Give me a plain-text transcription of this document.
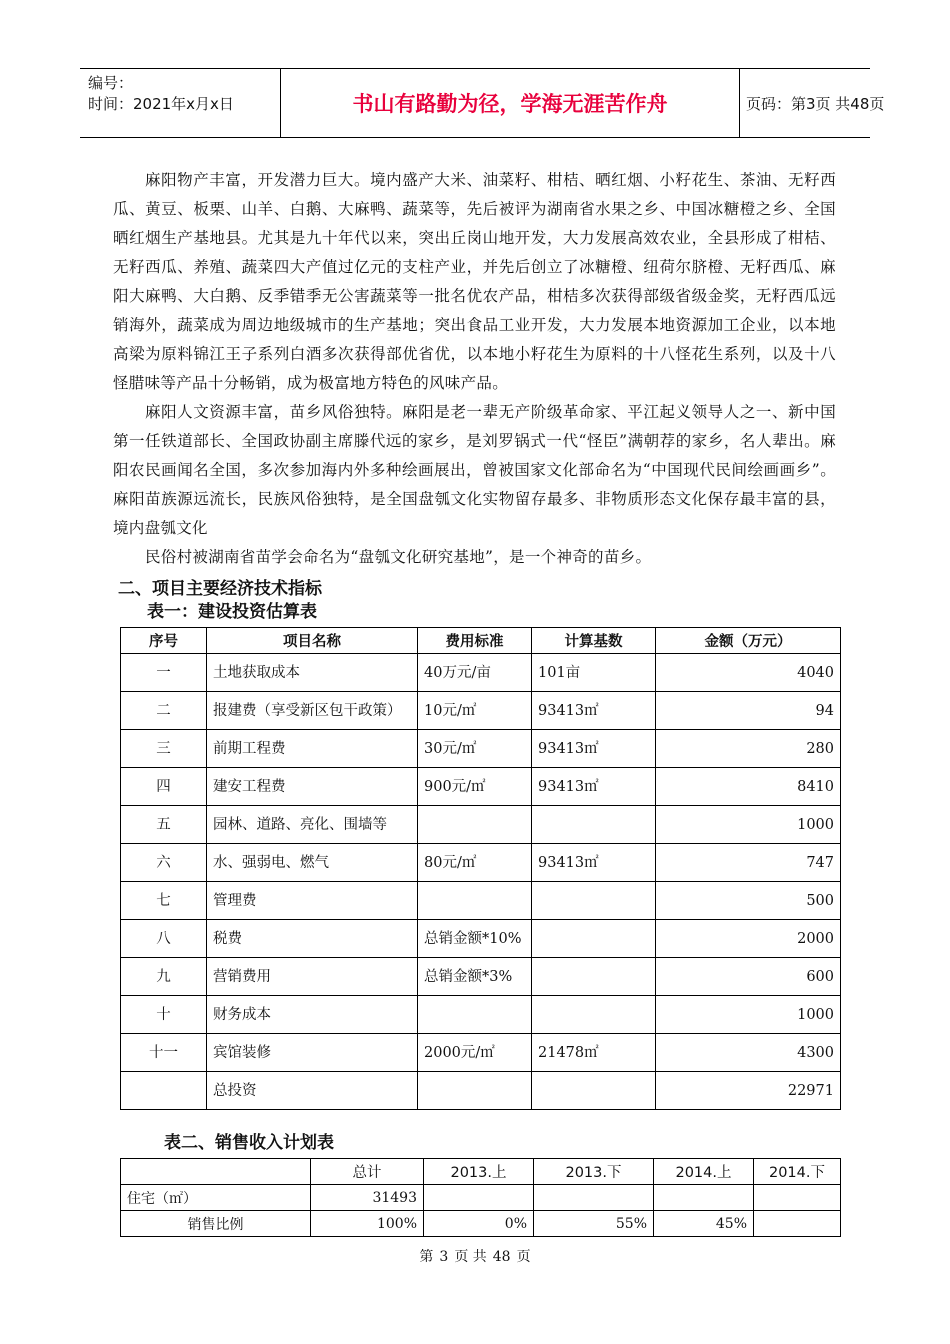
编号：
时间：2021年x月x日	书山有路勤为径，学海无涯苦作舟	页码：第3页 共48页

麻阳物产丰富，开发潜力巨大。境内盛产大米、油菜籽、柑桔、晒红烟、小籽花生、茶油、无籽西瓜、黄豆、板栗、山羊、白鹅、大麻鸭、蔬菜等，先后被评为湖南省水果之乡、中国冰糖橙之乡、全国晒红烟生产基地县。尤其是九十年代以来，突出丘岗山地开发，大力发展高效农业，全县形成了柑桔、无籽西瓜、养殖、蔬菜四大产值过亿元的支柱产业，并先后创立了冰糖橙、纽荷尔脐橙、无籽西瓜、麻阳大麻鸭、大白鹅、反季错季无公害蔬菜等一批名优农产品，柑桔多次获得部级省级金奖，无籽西瓜远销海外，蔬菜成为周边地级城市的生产基地；突出食品工业开发，大力发展本地资源加工企业，以本地高梁为原料锦江王子系列白酒多次获得部优省优，以本地小籽花生为原料的十八怪花生系列，以及十八怪腊味等产品十分畅销，成为极富地方特色的风味产品。

麻阳人文资源丰富，苗乡风俗独特。麻阳是老一辈无产阶级革命家、平江起义领导人之一、新中国第一任铁道部长、全国政协副主席滕代远的家乡，是刘罗锅式一代“怪臣”满朝荐的家乡，名人辈出。麻阳农民画闻名全国，多次参加海内外多种绘画展出，曾被国家文化部命名为“中国现代民间绘画画乡”。麻阳苗族源远流长，民族风俗独特，是全国盘瓠文化实物留存最多、非物质形态文化保存最丰富的县，境内盘瓠文化

民俗村被湖南省苗学会命名为“盘瓠文化研究基地”，是一个神奇的苗乡。

二、项目主要经济技术指标
表一：建设投资估算表
序号	项目名称	费用标准	计算基数	金额（万元）
一	土地获取成本	40万元/亩	101亩	4040
二	报建费（享受新区包干政策）	10元/㎡	93413㎡	94
三	前期工程费	30元/㎡	93413㎡	280
四	建安工程费	900元/㎡	93413㎡	8410
五	园林、道路、亮化、围墙等			1000
六	水、强弱电、燃气	80元/㎡	93413㎡	747
七	管理费			500
八	税费	总销金额*10%		2000
九	营销费用	总销金额*3%		600
十	财务成本			1000
十一	宾馆装修	2000元/㎡	21478㎡	4300
	总投资			22971
表二、销售收入计划表
	总计	2013.上	2013.下	2014.上	2014.下
住宅（㎡）	31493				
销售比例	100%	0%	55%	45%	
第 3 页 共 48 页
